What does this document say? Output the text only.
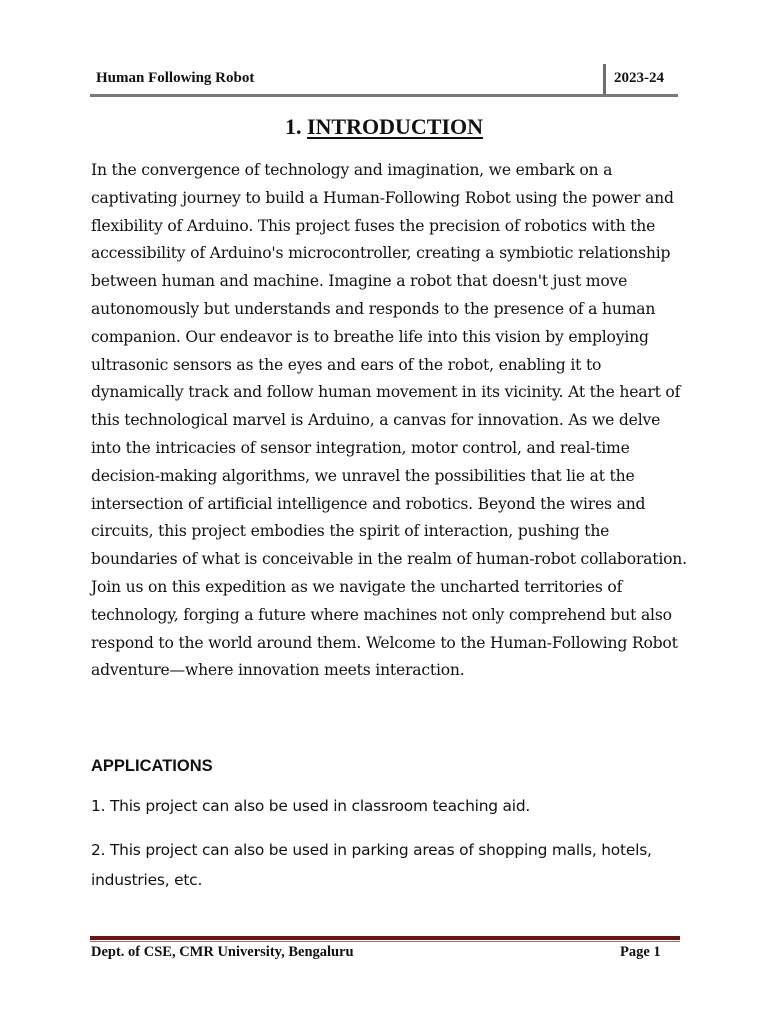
Human Following Robot	2023-24
1. INTRODUCTION

In the convergence of technology and imagination, we embark on a captivating journey to build a Human-Following Robot using the power and flexibility of Arduino. This project fuses the precision of robotics with the accessibility of Arduino's microcontroller, creating a symbiotic relationship between human and machine. Imagine a robot that doesn't just move autonomously but understands and responds to the presence of a human companion. Our endeavor is to breathe life into this vision by employing ultrasonic sensors as the eyes and ears of the robot, enabling it to dynamically track and follow human movement in its vicinity. At the heart of this technological marvel is Arduino, a canvas for innovation. As we delve into the intricacies of sensor integration, motor control, and real-time decision-making algorithms, we unravel the possibilities that lie at the intersection of artificial intelligence and robotics. Beyond the wires and circuits, this project embodies the spirit of interaction, pushing the boundaries of what is conceivable in the realm of human-robot collaboration. Join us on this expedition as we navigate the uncharted territories of technology, forging a future where machines not only comprehend but also respond to the world around them. Welcome to the Human-Following Robot adventure—where innovation meets interaction.

APPLICATIONS

1. This project can also be used in classroom teaching aid.

2. This project can also be used in parking areas of shopping malls, hotels, industries, etc.

Dept. of CSE, CMR University, Bengaluru	Page 1
